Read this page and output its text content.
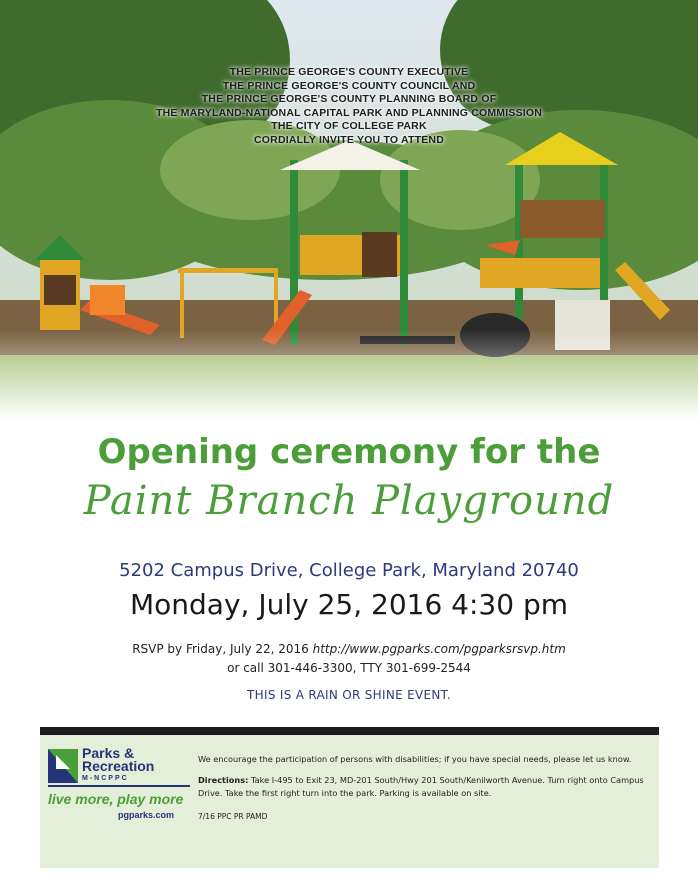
THE PRINCE GEORGE'S COUNTY EXECUTIVE
THE PRINCE GEORGE'S COUNTY COUNCIL AND
THE PRINCE GEORGE'S COUNTY PLANNING BOARD OF
THE MARYLAND-NATIONAL CAPITAL PARK AND PLANNING COMMISSION
THE CITY OF COLLEGE PARK
CORDIALLY INVITE YOU TO ATTEND
Opening ceremony for the
Paint Branch Playground
5202 Campus Drive, College Park, Maryland 20740
Monday, July 25, 2016 4:30 pm
RSVP by Friday, July 22, 2016 http://www.pgparks.com/pgparksrsvp.htm
or call 301-446-3300, TTY 301-699-2544
THIS IS A RAIN OR SHINE EVENT.
Parks &
Recreation
M-NCPPC
live more, play more
pgparks.com
We encourage the participation of persons with disabilities; if you have special needs, please let us know.
Directions: Take I-495 to Exit 23, MD-201 South/Hwy 201 South/Kenilworth Avenue. Turn right onto Campus Drive. Take the first right turn into the park. Parking is available on site.
7/16 PPC PR PAMD
